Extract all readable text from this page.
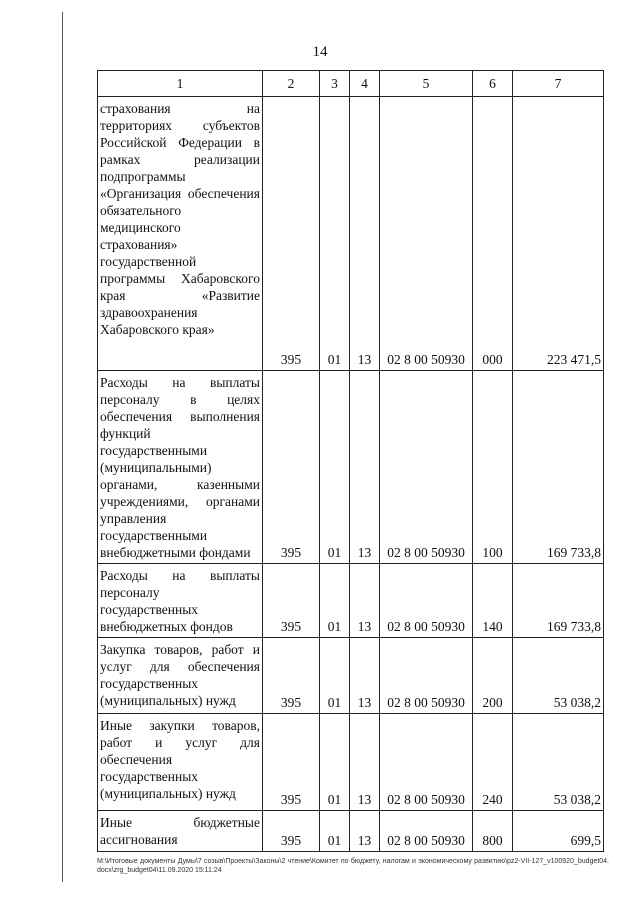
14
1	2	3	4	5	6	7
страхования на территориях субъектов Российской Федерации в рамках реализации подпрограммы «Организация обеспечения обязательного медицинского страхования» государственной программы Хабаровского края «Развитие здравоохранения Хабаровского края»	395	01	13	02 8 00 50930	000	223 471,5
Расходы на выплаты персоналу в целях обеспечения выполнения функций государственными (муниципальными) органами, казенными учреждениями, органами управления государственными внебюджетными фондами	395	01	13	02 8 00 50930	100	169 733,8
Расходы на выплаты персоналу государственных внебюджетных фондов	395	01	13	02 8 00 50930	140	169 733,8
Закупка товаров, работ и услуг для обеспечения государственных (муниципальных) нужд	395	01	13	02 8 00 50930	200	53 038,2
Иные закупки товаров, работ и услуг для обеспечения государственных (муниципальных) нужд	395	01	13	02 8 00 50930	240	53 038,2
Иные бюджетные ассигнования	395	01	13	02 8 00 50930	800	699,5
M:\Итоговые документы Думы\7 созыв\Проекты\Законы\2 чтение\Комитет по бюджету, налогам и экономическому развитию\pz2-VII-127_v100920_budget04.docx\zrg_budget04\11.09.2020 15:11:24
